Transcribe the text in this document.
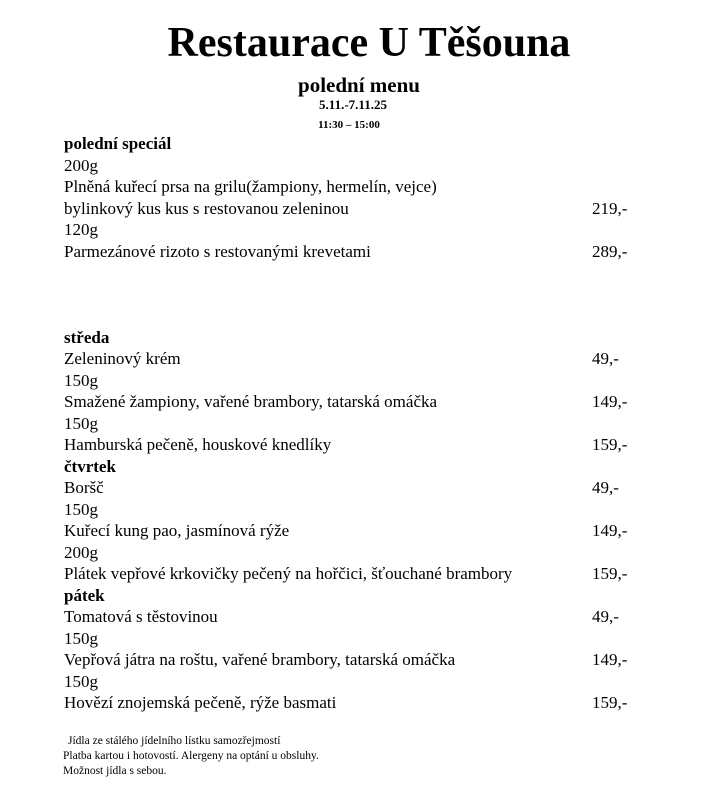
Restaurace U Těšouna
polední menu
5.11.-7.11.25
11:30 – 15:00
polední speciál
200g
Plněná kuřecí prsa na grilu(žampiony, hermelín, vejce)
bylinkový kus kus s restovanou zeleninou	219,-
120g
Parmezánové rizoto s restovanými krevetami	289,-
středa
Zeleninový krém	49,-
150g
Smažené žampiony, vařené brambory, tatarská omáčka	149,-
150g
Hamburská pečeně, houskové knedlíky	159,-
čtvrtek
Boršč	49,-
150g
Kuřecí kung pao, jasmínová rýže	149,-
200g
Plátek vepřové krkovičky pečený na hořčici, šťouchané brambory	159,-
pátek
Tomatová s těstovinou	49,-
150g
Vepřová játra na roštu, vařené brambory, tatarská omáčka	149,-
150g
Hovězí znojemská pečeně, rýže basmati	159,-
Jídla ze stálého jídelního lístku samozřejmostí
Platba kartou i hotovostí. Alergeny na optání u obsluhy.
Možnost jídla s sebou.
